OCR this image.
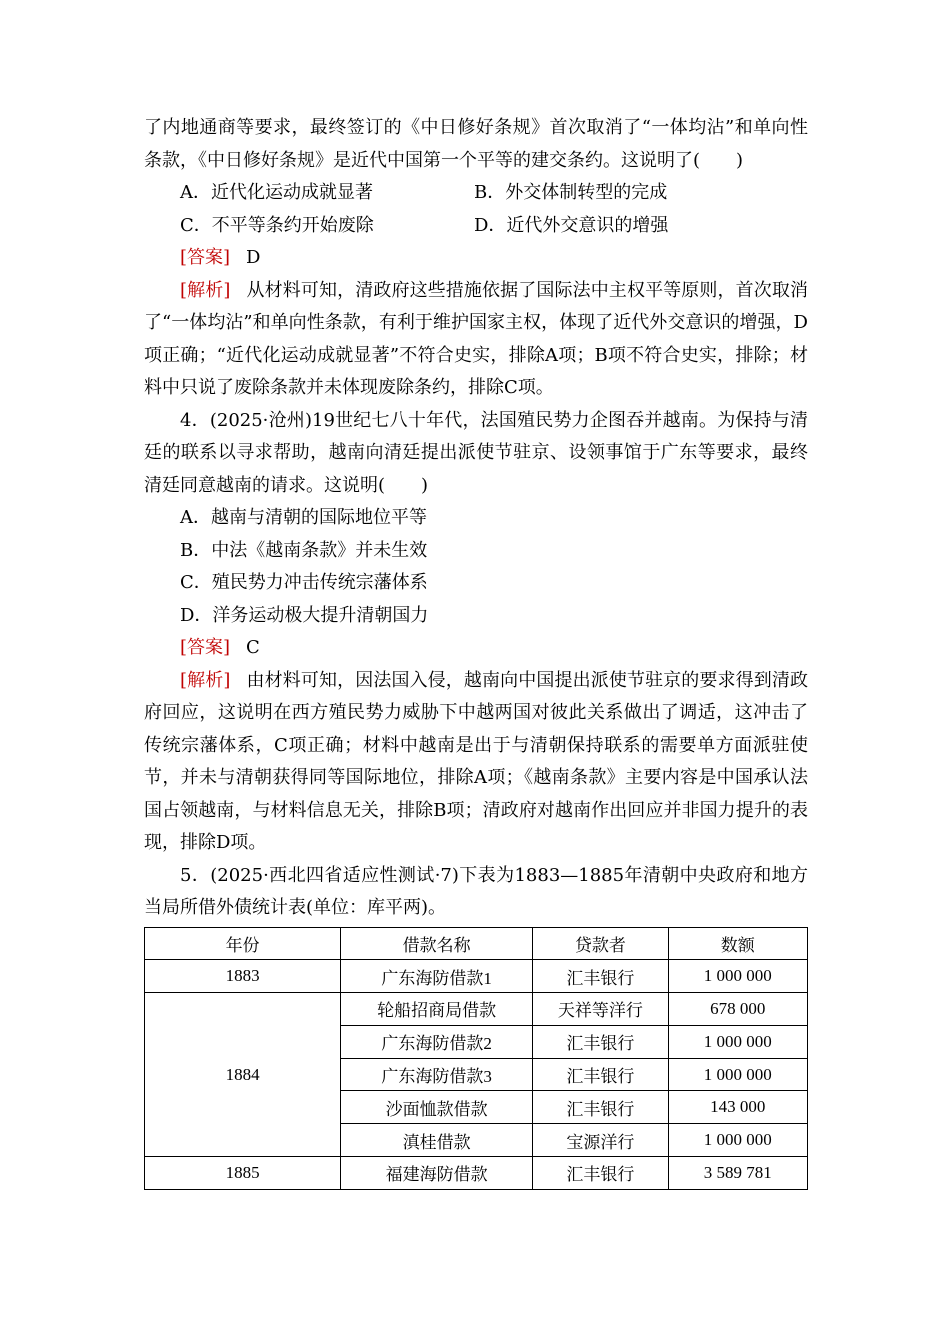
了内地通商等要求，最终签订的《中日修好条规》首次取消了“一体均沾”和单向性条款，《中日修好条规》是近代中国第一个平等的建交条约。这说明了(　　)

A．近代化运动成就显著	B．外交体制转型的完成
C．不平等条约开始废除	D．近代外交意识的增强

[答案] D

[解析] 从材料可知，清政府这些措施依据了国际法中主权平等原则，首次取消了“一体均沾”和单向性条款，有利于维护国家主权，体现了近代外交意识的增强，D项正确；“近代化运动成就显著”不符合史实，排除A项；B项不符合史实，排除；材料中只说了废除条款并未体现废除条约，排除C项。

4．(2025·沧州)19世纪七八十年代，法国殖民势力企图吞并越南。为保持与清廷的联系以寻求帮助，越南向清廷提出派使节驻京、设领事馆于广东等要求，最终清廷同意越南的请求。这说明(　　)

A．越南与清朝的国际地位平等

B．中法《越南条款》并未生效

C．殖民势力冲击传统宗藩体系

D．洋务运动极大提升清朝国力

[答案] C

[解析] 由材料可知，因法国入侵，越南向中国提出派使节驻京的要求得到清政府回应，这说明在西方殖民势力威胁下中越两国对彼此关系做出了调适，这冲击了传统宗藩体系，C项正确；材料中越南是出于与清朝保持联系的需要单方面派驻使节，并未与清朝获得同等国际地位，排除A项；《越南条款》主要内容是中国承认法国占领越南，与材料信息无关，排除B项；清政府对越南作出回应并非国力提升的表现，排除D项。

5．(2025·西北四省适应性测试·7)下表为1883—1885年清朝中央政府和地方当局所借外债统计表(单位：库平两)。

年份	借款名称	贷款者	数额
1883	广东海防借款1	汇丰银行	1 000 000
1884	轮船招商局借款	天祥等洋行	678 000
	广东海防借款2	汇丰银行	1 000 000
	广东海防借款3	汇丰银行	1 000 000
	沙面恤款借款	汇丰银行	143 000
	滇桂借款	宝源洋行	1 000 000
1885	福建海防借款	汇丰银行	3 589 781
